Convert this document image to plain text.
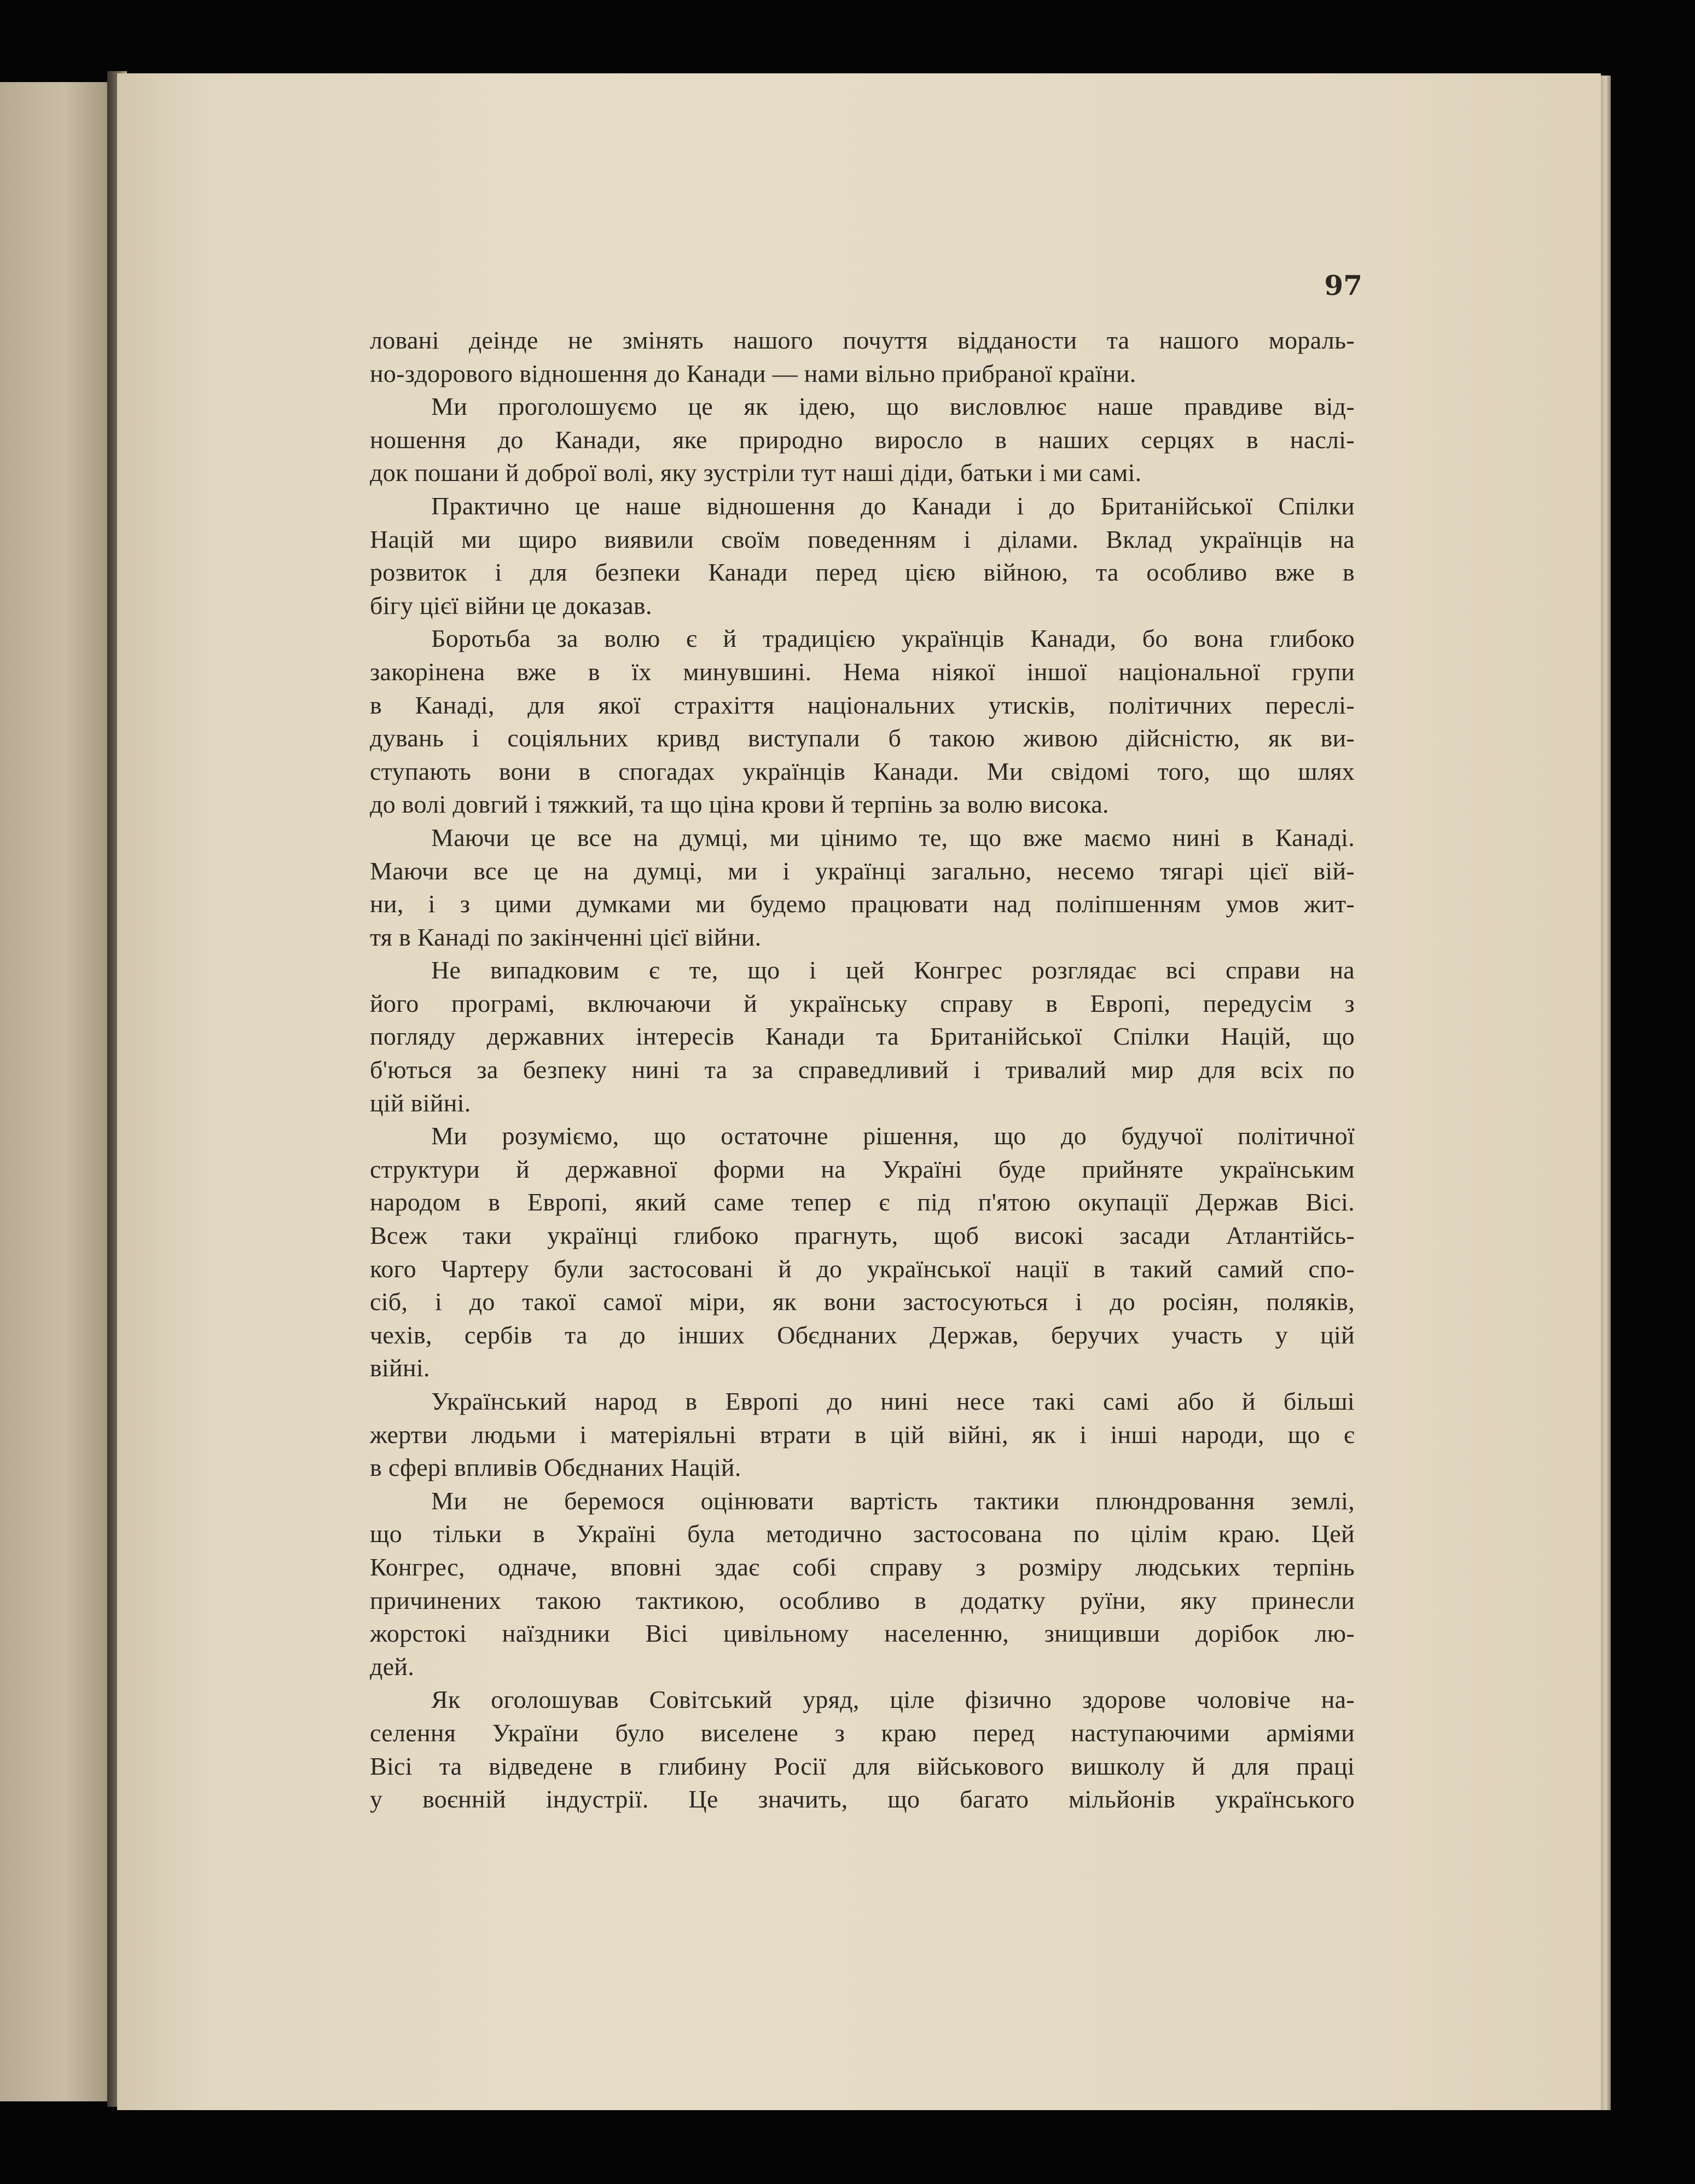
97
ловані деінде не змінять нашого почуття відданости та нашого мораль-
но-здорового відношення до Канади — нами вільно прибраної країни.
Ми проголошуємо це як ідею, що висловлює наше правдиве від-
ношення до Канади, яке природно виросло в наших серцях в наслі-
док пошани й доброї волі, яку зустріли тут наші діди, батьки і ми самі.
Практично це наше відношення до Канади і до Британійської Спілки
Націй ми щиро виявили своїм поведенням і ділами. Вклад українців на
розвиток і для безпеки Канади перед цією війною, та особливо вже в
бігу цієї війни це доказав.
Боротьба за волю є й традицією українців Канади, бо вона глибоко
закорінена вже в їх минувшині. Нема ніякої іншої національної групи
в Канаді, для якої страхіття національних утисків, політичних переслі-
дувань і соціяльних кривд виступали б такою живою дійсністю, як ви-
ступають вони в спогадах українців Канади. Ми свідомі того, що шлях
до волі довгий і тяжкий, та що ціна крови й терпінь за волю висока.
Маючи це все на думці, ми цінимо те, що вже маємо нині в Канаді.
Маючи все це на думці, ми і українці загально, несемо тягарі цієї вій-
ни, і з цими думками ми будемо працювати над поліпшенням умов жит-
тя в Канаді по закінченні цієї війни.
Не випадковим є те, що і цей Конгрес розглядає всі справи на
його програмі, включаючи й українську справу в Европі, передусім з
погляду державних інтересів Канади та Британійської Спілки Націй, що
б'ються за безпеку нині та за справедливий і тривалий мир для всіх по
цій війні.
Ми розуміємо, що остаточне рішення, що до будучої політичної
структури й державної форми на Україні буде прийняте українським
народом в Европі, який саме тепер є під п'ятою окупації Держав Вісі.
Всеж таки українці глибоко прагнуть, щоб високі засади Атлантійсь-
кого Чартеру були застосовані й до української нації в такий самий спо-
сіб, і до такої самої міри, як вони застосуються і до росіян, поляків,
чехів, сербів та до інших Обєднаних Держав, беручих участь у цій
війні.
Український народ в Европі до нині несе такі самі або й більші
жертви людьми і матеріяльні втрати в цій війні, як і інші народи, що є
в сфері впливів Обєднаних Націй.
Ми не беремося оцінювати вартість тактики плюндровання землі,
що тільки в Україні була методично застосована по цілім краю. Цей
Конгрес, одначе, вповні здає собі справу з розміру людських терпінь
причинених такою тактикою, особливо в додатку руїни, яку принесли
жорстокі наїздники Вісі цивільному населенню, знищивши дорібок лю-
дей.
Як оголошував Совітський уряд, ціле фізично здорове чоловіче на-
селення України було виселене з краю перед наступаючими арміями
Вісі та відведене в глибину Росії для військового вишколу й для праці
у воєнній індустрії. Це значить, що багато мільйонів українського
